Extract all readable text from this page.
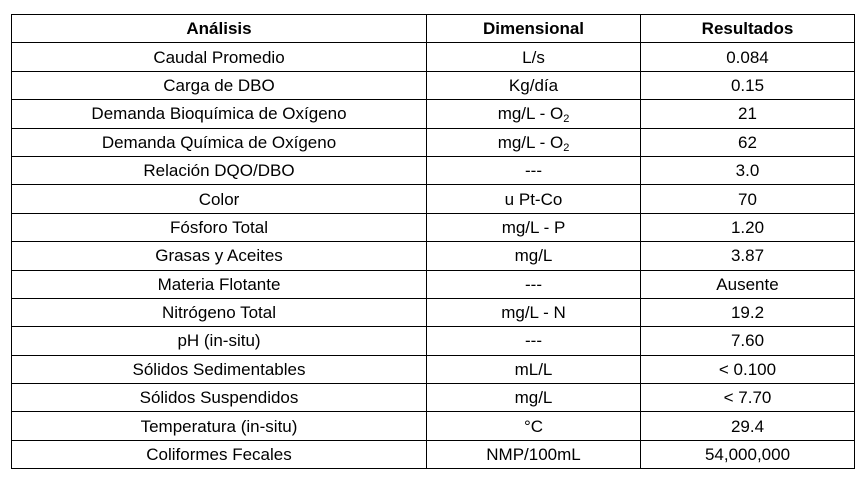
Análisis	Dimensional	Resultados
Caudal Promedio	L/s	0.084
Carga de DBO	Kg/día	0.15
Demanda Bioquímica de Oxígeno	$mg/L - O_2$	21
Demanda Química de Oxígeno	$mg/L - O_2$	62
Relación DQO/DBO	---	3.0
Color	u Pt-Co	70
Fósforo Total	mg/L - P	1.20
Grasas y Aceites	mg/L	3.87
Materia Flotante	---	Ausente
Nitrógeno Total	mg/L - N	19.2
pH (in-situ)	---	7.60
Sólidos Sedimentables	mL/L	< 0.100
Sólidos Suspendidos	mg/L	< 7.70
Temperatura (in-situ)	°C	29.4
Coliformes Fecales	NMP/100mL	54,000,000
